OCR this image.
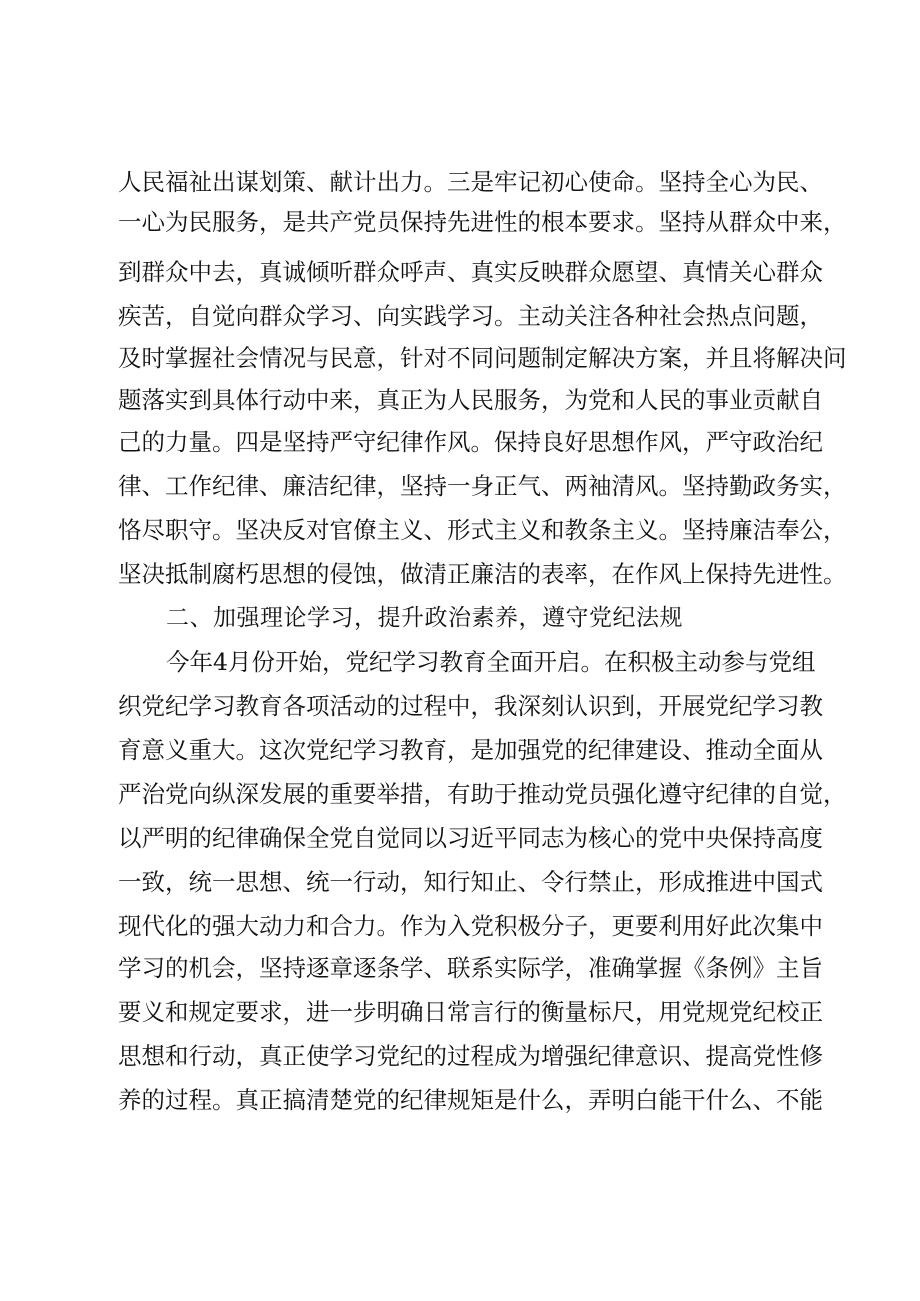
人民福祉出谋划策、献计出力。三是牢记初心使命。坚持全心为民、
一心为民服务，是共产党员保持先进性的根本要求。坚持从群众中来，
到群众中去，真诚倾听群众呼声、真实反映群众愿望、真情关心群众
疾苦，自觉向群众学习、向实践学习。主动关注各种社会热点问题，
及时掌握社会情况与民意，针对不同问题制定解决方案，并且将解决问
题落实到具体行动中来，真正为人民服务，为党和人民的事业贡献自
己的力量。四是坚持严守纪律作风。保持良好思想作风，严守政治纪
律、工作纪律、廉洁纪律，坚持一身正气、两袖清风。坚持勤政务实，
恪尽职守。坚决反对官僚主义、形式主义和教条主义。坚持廉洁奉公，
坚决抵制腐朽思想的侵蚀，做清正廉洁的表率，在作风上保持先进性。
二、加强理论学习，提升政治素养，遵守党纪法规
今年4月份开始，党纪学习教育全面开启。在积极主动参与党组
织党纪学习教育各项活动的过程中，我深刻认识到，开展党纪学习教
育意义重大。这次党纪学习教育，是加强党的纪律建设、推动全面从
严治党向纵深发展的重要举措，有助于推动党员强化遵守纪律的自觉，
以严明的纪律确保全党自觉同以习近平同志为核心的党中央保持高度
一致，统一思想、统一行动，知行知止、令行禁止，形成推进中国式
现代化的强大动力和合力。作为入党积极分子，更要利用好此次集中
学习的机会，坚持逐章逐条学、联系实际学，准确掌握《条例》主旨
要义和规定要求，进一步明确日常言行的衡量标尺，用党规党纪校正
思想和行动，真正使学习党纪的过程成为增强纪律意识、提高党性修
养的过程。真正搞清楚党的纪律规矩是什么，弄明白能干什么、不能
